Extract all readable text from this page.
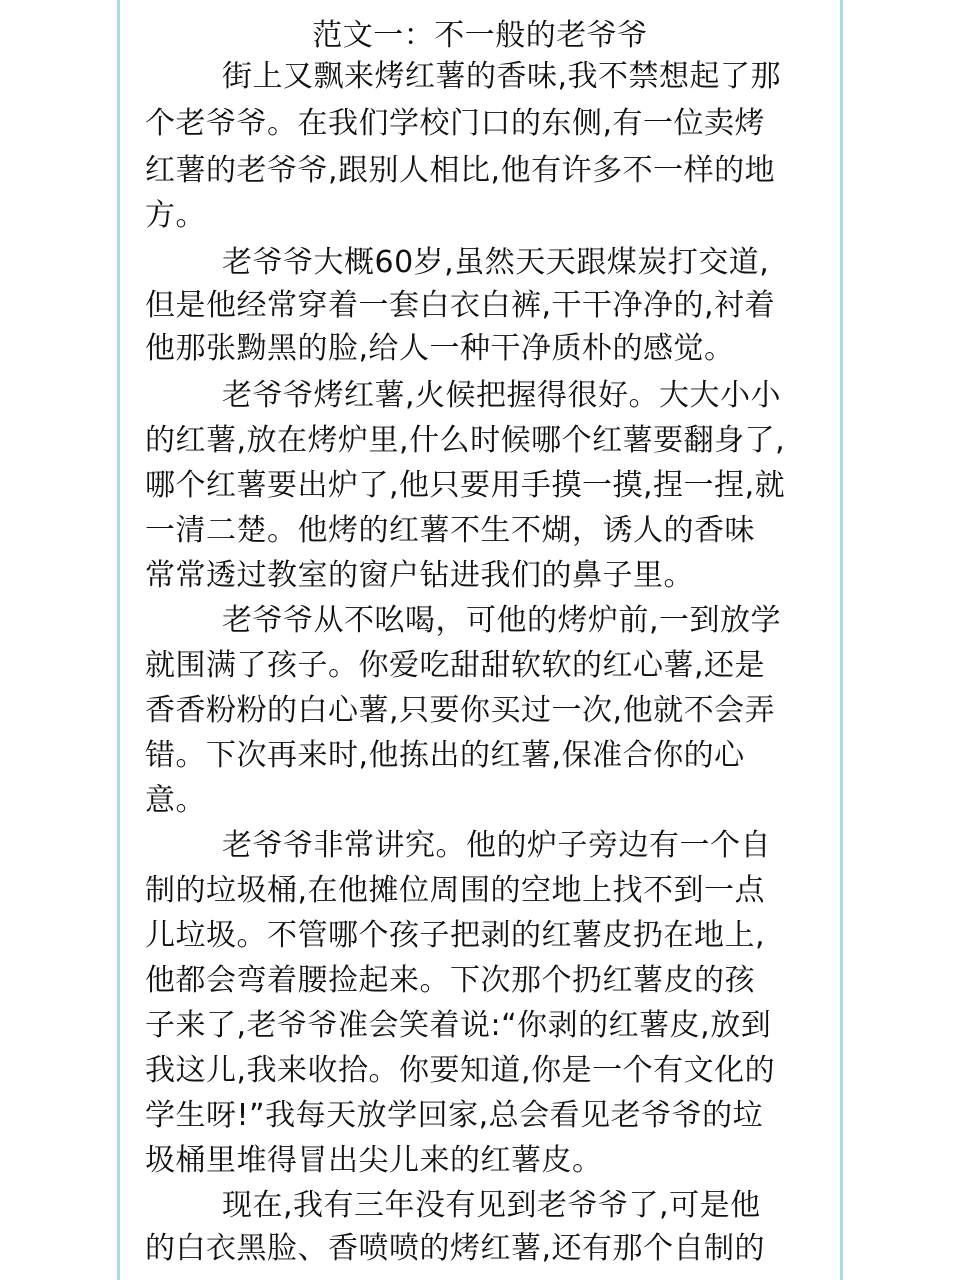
范文一：不一般的老爷爷
街上又飘来烤红薯的香味,我不禁想起了那
个老爷爷。在我们学校门口的东侧,有一位卖烤
红薯的老爷爷,跟别人相比,他有许多不一样的地
方。
老爷爷大概60岁,虽然天天跟煤炭打交道,
但是他经常穿着一套白衣白裤,干干净净的,衬着
他那张黝黑的脸,给人一种干净质朴的感觉。
老爷爷烤红薯,火候把握得很好。大大小小
的红薯,放在烤炉里,什么时候哪个红薯要翻身了,
哪个红薯要出炉了,他只要用手摸一摸,捏一捏,就
一清二楚。他烤的红薯不生不煳，诱人的香味
常常透过教室的窗户钻进我们的鼻子里。
老爷爷从不吆喝，可他的烤炉前,一到放学
就围满了孩子。你爱吃甜甜软软的红心薯,还是
香香粉粉的白心薯,只要你买过一次,他就不会弄
错。下次再来时,他拣出的红薯,保准合你的心
意。
老爷爷非常讲究。他的炉子旁边有一个自
制的垃圾桶,在他摊位周围的空地上找不到一点
儿垃圾。不管哪个孩子把剥的红薯皮扔在地上,
他都会弯着腰捡起来。下次那个扔红薯皮的孩
子来了,老爷爷准会笑着说:“你剥的红薯皮,放到
我这儿,我来收拾。你要知道,你是一个有文化的
学生呀!”我每天放学回家,总会看见老爷爷的垃
圾桶里堆得冒出尖儿来的红薯皮。
现在,我有三年没有见到老爷爷了,可是他
的白衣黑脸、香喷喷的烤红薯,还有那个自制的
